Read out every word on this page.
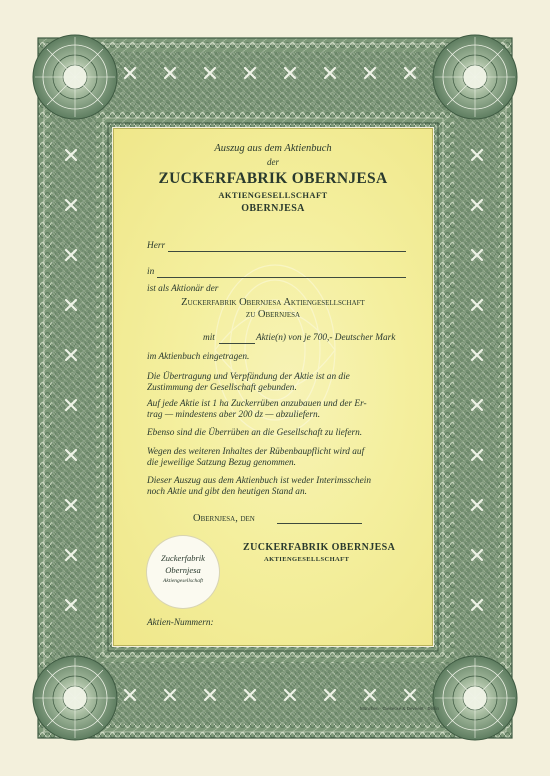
Auszug aus dem Aktienbuch
der
ZUCKERFABRIK OBERNJESA
AKTIENGESELLSCHAFT
OBERNJESA
Herr
in
ist als Aktionär der
Zuckerfabrik Obernjesa Aktiengesellschaft
zu Obernjesa
mit	Aktie(n) von je 700,- Deutscher Mark
im Aktienbuch eingetragen.
Die Übertragung und Verpfändung der Aktie ist an die
Zustimmung der Gesellschaft gebunden.
Auf jede Aktie ist 1 ha Zuckerrüben anzubauen und der Er-
trag — mindestens aber 200 dz — abzuliefern.
Ebenso sind die Überrüben an die Gesellschaft zu liefern.
Wegen des weiteren Inhaltes der Rübenbaupflicht wird auf
die jeweilige Satzung Bezug genommen.
Dieser Auszug aus dem Aktienbuch ist weder Interimsschein
noch Aktie und gibt den heutigen Stand an.
Obernjesa, den
Zuckerfabrik
Obernjesa
Aktiengesellschaft
ZUCKERFABRIK OBERNJESA
AKTIENGESELLSCHAFT
Aktien-Nummern:
München · Giesecke & Devrient · Berlin
